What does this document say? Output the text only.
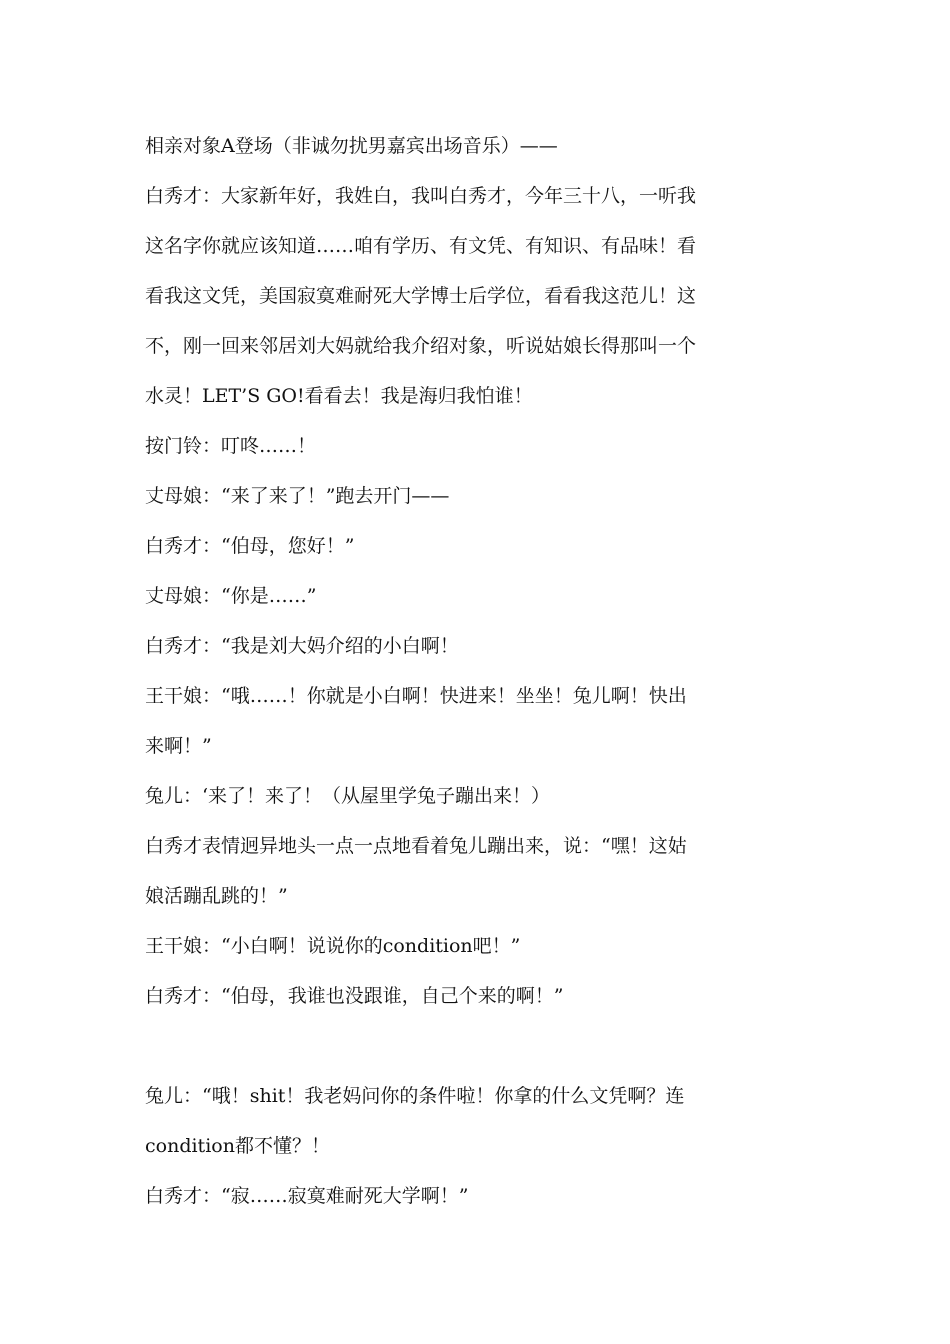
相亲对象A登场（非诚勿扰男嘉宾出场音乐）——
白秀才：大家新年好，我姓白，我叫白秀才，今年三十八，一听我
这名字你就应该知道……咱有学历、有文凭、有知识、有品味！看
看我这文凭，美国寂寞难耐死大学博士后学位，看看我这范儿！这
不，刚一回来邻居刘大妈就给我介绍对象，听说姑娘长得那叫一个
水灵！LET’S GO!看看去！我是海归我怕谁！
按门铃：叮咚……！
丈母娘：“来了来了！”跑去开门——
白秀才：“伯母，您好！”
丈母娘：“你是……”
白秀才：“我是刘大妈介绍的小白啊！
王干娘：“哦……！你就是小白啊！快进来！坐坐！兔儿啊！快出
来啊！”
兔儿：‘来了！来了！（从屋里学兔子蹦出来！）
白秀才表情迥异地头一点一点地看着兔儿蹦出来，说：“嘿！这姑
娘活蹦乱跳的！”
王干娘：“小白啊！说说你的condition吧！”
白秀才：“伯母，我谁也没跟谁，自己个来的啊！”
兔儿：“哦！shit！我老妈问你的条件啦！你拿的什么文凭啊？连
condition都不懂？！
白秀才：“寂……寂寞难耐死大学啊！”
